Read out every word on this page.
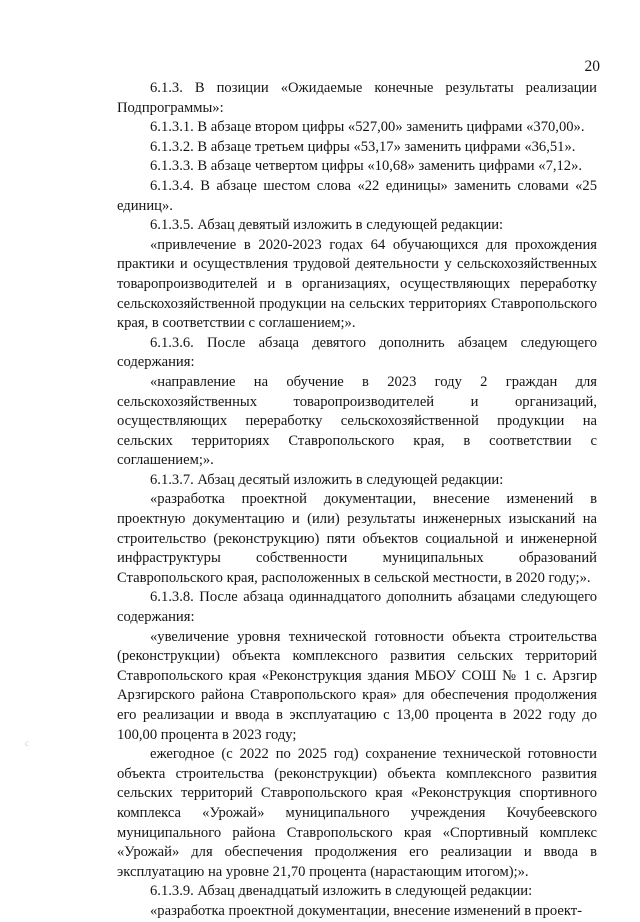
20
c

6.1.3. В позиции «Ожидаемые конечные результаты реализации Подпрограммы»:

6.1.3.1. В абзаце втором цифры «527,00» заменить цифрами «370,00».

6.1.3.2. В абзаце третьем цифры «53,17» заменить цифрами «36,51».

6.1.3.3. В абзаце четвертом цифры «10,68» заменить цифрами «7,12».

6.1.3.4. В абзаце шестом слова «22 единицы» заменить словами «25 единиц».

6.1.3.5. Абзац девятый изложить в следующей редакции:

«привлечение в 2020-2023 годах 64 обучающихся для прохождения практики и осуществления трудовой деятельности у сельскохозяйственных товаропроизводителей и в организациях, осуществляющих переработку сельскохозяйственной продукции на сельских территориях Ставропольского края, в соответствии с соглашением;».

6.1.3.6. После абзаца девятого дополнить абзацем следующего содержания:

«направление на обучение в 2023 году 2 граждан для сельскохозяйственных товаропроизводителей и организаций, осуществляющих переработку сельскохозяйственной продукции на сельских территориях Ставропольского края, в соответствии с соглашением;».

6.1.3.7. Абзац десятый изложить в следующей редакции:

«разработка проектной документации, внесение изменений в проектную документацию и (или) результаты инженерных изысканий на строительство (реконструкцию) пяти объектов социальной и инженерной инфраструктуры собственности муниципальных образований Ставропольского края, расположенных в сельской местности, в 2020 году;».

6.1.3.8. После абзаца одиннадцатого дополнить абзацами следующего содержания:

«увеличение уровня технической готовности объекта строительства (реконструкции) объекта комплексного развития сельских территорий Ставропольского края «Реконструкция здания МБОУ СОШ № 1 с. Арзгир Арзгирского района Ставропольского края» для обеспечения продолжения его реализации и ввода в эксплуатацию с 13,00 процента в 2022 году до 100,00 процента в 2023 году;

ежегодное (с 2022 по 2025 год) сохранение технической готовности объекта строительства (реконструкции) объекта комплексного развития сельских территорий Ставропольского края «Реконструкция спортивного комплекса «Урожай» муниципального учреждения Кочубеевского муниципального района Ставропольского края «Спортивный комплекс «Урожай» для обеспечения продолжения его реализации и ввода в эксплуатацию на уровне 21,70 процента (нарастающим итогом);».

6.1.3.9. Абзац двенадцатый изложить в следующей редакции:

«разработка проектной документации, внесение изменений в проект-
